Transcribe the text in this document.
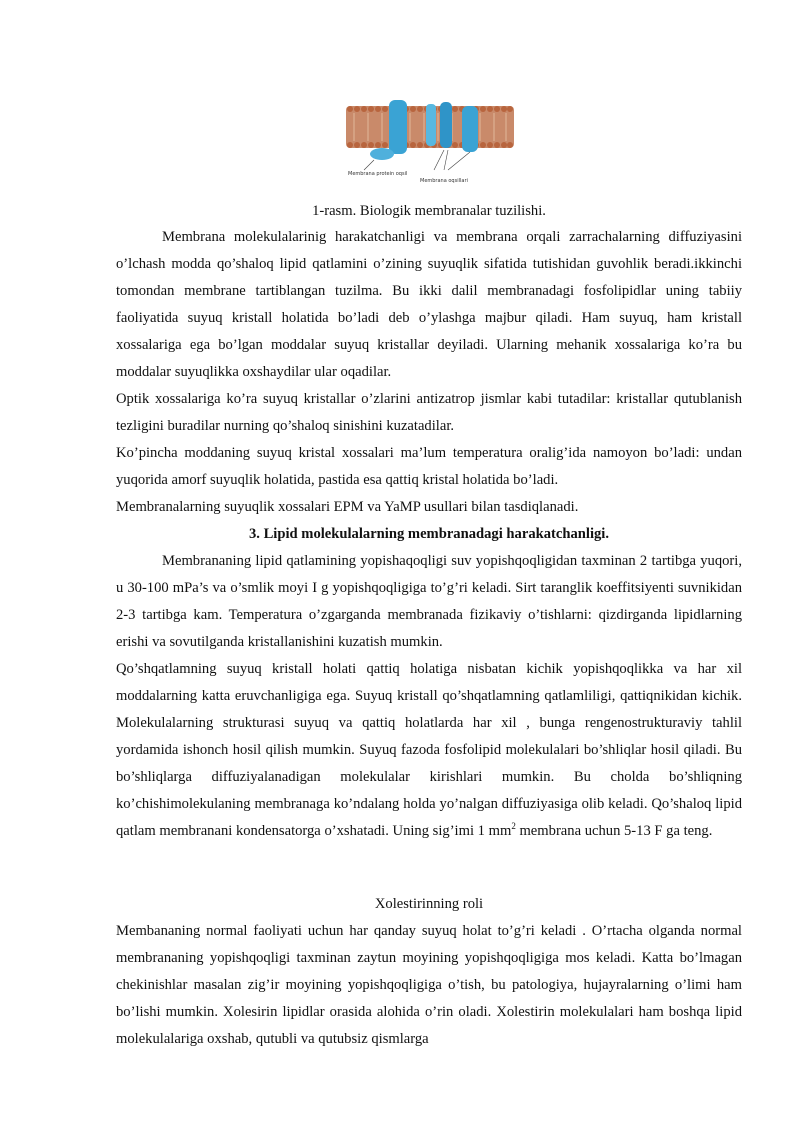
Membrana protein oqsil
Membrana oqsillari

1-rasm. Biologik membranalar tuzilishi.

Membrana molekulalarinig harakatchanligi va membrana orqali zarrachalarning diffuziyasini o’lchash modda qo’shaloq lipid qatlamini o’zining suyuqlik sifatida tutishidan guvohlik beradi.ikkinchi tomondan membrane tartiblangan tuzilma. Bu ikki dalil membranadagi fosfolipidlar uning tabiiy faoliyatida suyuq kristall holatida bo’ladi deb o’ylashga majbur qiladi. Ham suyuq, ham kristall xossalariga ega bo’lgan moddalar suyuq kristallar deyiladi. Ularning mehanik xossalariga ko’ra bu moddalar suyuqlikka oxshaydilar ular oqadilar.

Optik xossalariga ko’ra suyuq kristallar o’zlarini antizatrop jismlar kabi tutadilar: kristallar qutublanish tezligini buradilar nurning qo’shaloq sinishini kuzatadilar.

Ko’pincha moddaning suyuq kristal xossalari ma’lum temperatura oralig’ida namoyon bo’ladi: undan yuqorida amorf suyuqlik holatida, pastida esa qattiq kristal holatida bo’ladi.

Membranalarning suyuqlik xossalari EPM va YaMP usullari bilan tasdiqlanadi.

3. Lipid molekulalarning membranadagi harakatchanligi.

Membrananing lipid qatlamining yopishaqoqligi suv yopishqoqligidan taxminan 2 tartibga yuqori, u 30-100 mPa’s va o’smlik moyi I g yopishqoqligiga to’g’ri keladi. Sirt taranglik koeffitsiyenti suvnikidan 2-3 tartibga kam. Temperatura o’zgarganda membranada fizikaviy o’tishlarni: qizdirganda lipidlarning erishi va sovutilganda kristallanishini kuzatish mumkin.

Qo’shqatlamning suyuq kristall holati qattiq holatiga nisbatan kichik yopishqoqlikka va har xil moddalarning katta eruvchanligiga ega. Suyuq kristall qo’shqatlamning qatlamliligi, qattiqnikidan kichik. Molekulalarning strukturasi suyuq va qattiq holatlarda har xil , bunga rengenostrukturaviy tahlil yordamida ishonch hosil qilish mumkin. Suyuq fazoda fosfolipid molekulalari bo’shliqlar hosil qiladi. Bu bo’shliqlarga diffuziyalanadigan molekulalar kirishlari mumkin. Bu cholda bo’shliqning ko’chishimolekulaning membranaga ko’ndalang holda yo’nalgan diffuziyasiga olib keladi. Qo’shaloq lipid qatlam membranani kondensatorga o’xshatadi. Uning sig’imi 1 $mm^2$ membrana uchun 5-13 F ga teng.

Xolestirinning roli

Membananing normal faoliyati uchun har qanday suyuq holat to’g’ri keladi . O’rtacha olganda normal membrananing yopishqoqligi taxminan zaytun moyining yopishqoqligiga mos keladi. Katta bo’lmagan chekinishlar masalan zig’ir moyining yopishqoqligiga o’tish, bu patologiya, hujayralarning o’limi ham bo’lishi mumkin. Xolesirin lipidlar orasida alohida o’rin oladi. Xolestirin molekulalari ham boshqa lipid molekulalariga oxshab, qutubli va qutubsiz qismlarga
